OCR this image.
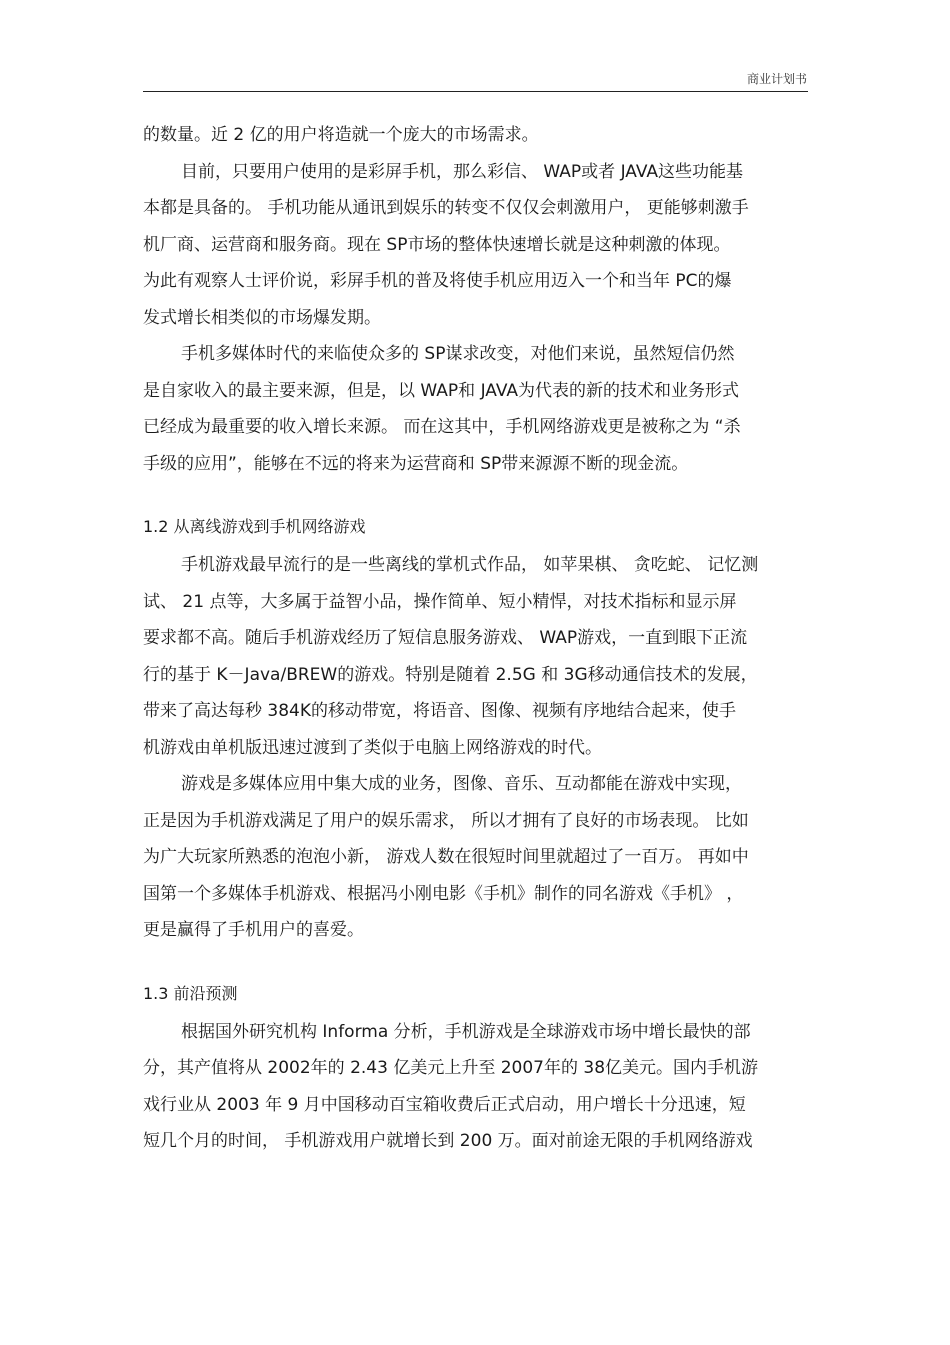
商业计划书
的数量。近 2 亿的用户将造就一个庞大的市场需求。
目前，只要用户使用的是彩屏手机，那么彩信、 WAP或者 JAVA这些功能基
本都是具备的。 手机功能从通讯到娱乐的转变不仅仅会刺激用户， 更能够刺激手
机厂商、运营商和服务商。现在 SP市场的整体快速增长就是这种刺激的体现。
为此有观察人士评价说，彩屏手机的普及将使手机应用迈入一个和当年 PC的爆
发式增长相类似的市场爆发期。
手机多媒体时代的来临使众多的 SP谋求改变，对他们来说，虽然短信仍然
是自家收入的最主要来源，但是，以 WAP和 JAVA为代表的新的技术和业务形式
已经成为最重要的收入增长来源。 而在这其中，手机网络游戏更是被称之为 “杀
手级的应用”，能够在不远的将来为运营商和 SP带来源源不断的现金流。
1.2 从离线游戏到手机网络游戏
手机游戏最早流行的是一些离线的掌机式作品， 如苹果棋、 贪吃蛇、 记忆测
试、 21 点等，大多属于益智小品，操作简单、短小精悍，对技术指标和显示屏
要求都不高。随后手机游戏经历了短信息服务游戏、 WAP游戏，一直到眼下正流
行的基于 K－Java/BREW的游戏。特别是随着 2.5G 和 3G移动通信技术的发展，
带来了高达每秒 384K的移动带宽，将语音、图像、视频有序地结合起来，使手
机游戏由单机版迅速过渡到了类似于电脑上网络游戏的时代。
游戏是多媒体应用中集大成的业务，图像、音乐、互动都能在游戏中实现，
正是因为手机游戏满足了用户的娱乐需求， 所以才拥有了良好的市场表现。 比如
为广大玩家所熟悉的泡泡小新， 游戏人数在很短时间里就超过了一百万。 再如中
国第一个多媒体手机游戏、根据冯小刚电影《手机》制作的同名游戏《手机》 ，
更是赢得了手机用户的喜爱。
1.3 前沿预测
根据国外研究机构 Informa 分析，手机游戏是全球游戏市场中增长最快的部
分，其产值将从 2002年的 2.43 亿美元上升至 2007年的 38亿美元。国内手机游
戏行业从 2003 年 9 月中国移动百宝箱收费后正式启动，用户增长十分迅速，短
短几个月的时间， 手机游戏用户就增长到 200 万。面对前途无限的手机网络游戏
